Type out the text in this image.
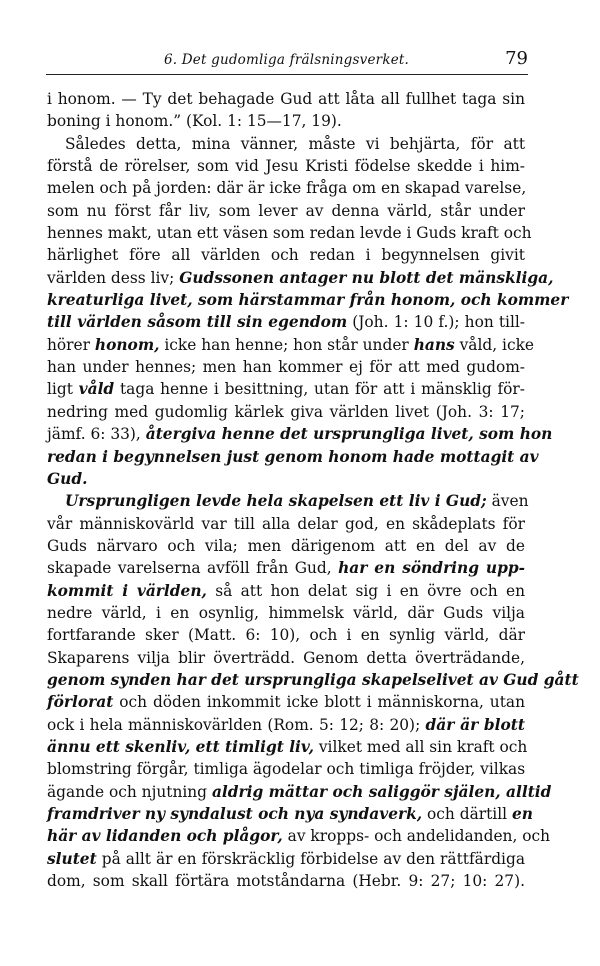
6. Det gudomliga frälsningsverket.	79
i honom. — Ty det behagade Gud att låta all fullhet taga sin
boning i honom.” (Kol. 1: 15—17, 19).
Således detta, mina vänner, måste vi behjärta, för att
förstå de rörelser, som vid Jesu Kristi födelse skedde i him-
melen och på jorden: där är icke fråga om en skapad varelse,
som nu först får liv, som lever av denna värld, står under
hennes makt, utan ett väsen som redan levde i Guds kraft och
härlighet före all världen och redan i begynnelsen givit
världen dess liv; Gudssonen antager nu blott det mänskliga,
kreaturliga livet, som härstammar från honom, och kommer
till världen såsom till sin egendom (Joh. 1: 10 f.); hon till-
hörer honom, icke han henne; hon står under hans våld, icke
han under hennes; men han kommer ej för att med gudom-
ligt våld taga henne i besittning, utan för att i mänsklig för-
nedring med gudomlig kärlek giva världen livet (Joh. 3: 17;
jämf. 6: 33), återgiva henne det ursprungliga livet, som hon
redan i begynnelsen just genom honom hade mottagit av
Gud.
Ursprungligen levde hela skapelsen ett liv i Gud; även
vår människovärld var till alla delar god, en skådeplats för
Guds närvaro och vila; men därigenom att en del av de
skapade varelserna avföll från Gud, har en söndring upp-
kommit i världen, så att hon delat sig i en övre och en
nedre värld, i en osynlig, himmelsk värld, där Guds vilja
fortfarande sker (Matt. 6: 10), och i en synlig värld, där
Skaparens vilja blir överträdd. Genom detta överträdande,
genom synden har det ursprungliga skapelselivet av Gud gått
förlorat och döden inkommit icke blott i människorna, utan
ock i hela människovärlden (Rom. 5: 12; 8: 20); där är blott
ännu ett skenliv, ett timligt liv, vilket med all sin kraft och
blomstring förgår, timliga ägodelar och timliga fröjder, vilkas
ägande och njutning aldrig mättar och saliggör själen, alltid
framdriver ny syndalust och nya syndaverk, och därtill en
här av lidanden och plågor, av kropps- och andelidanden, och
slutet på allt är en förskräcklig förbidelse av den rättfärdiga
dom, som skall förtära motståndarna (Hebr. 9: 27; 10: 27).
